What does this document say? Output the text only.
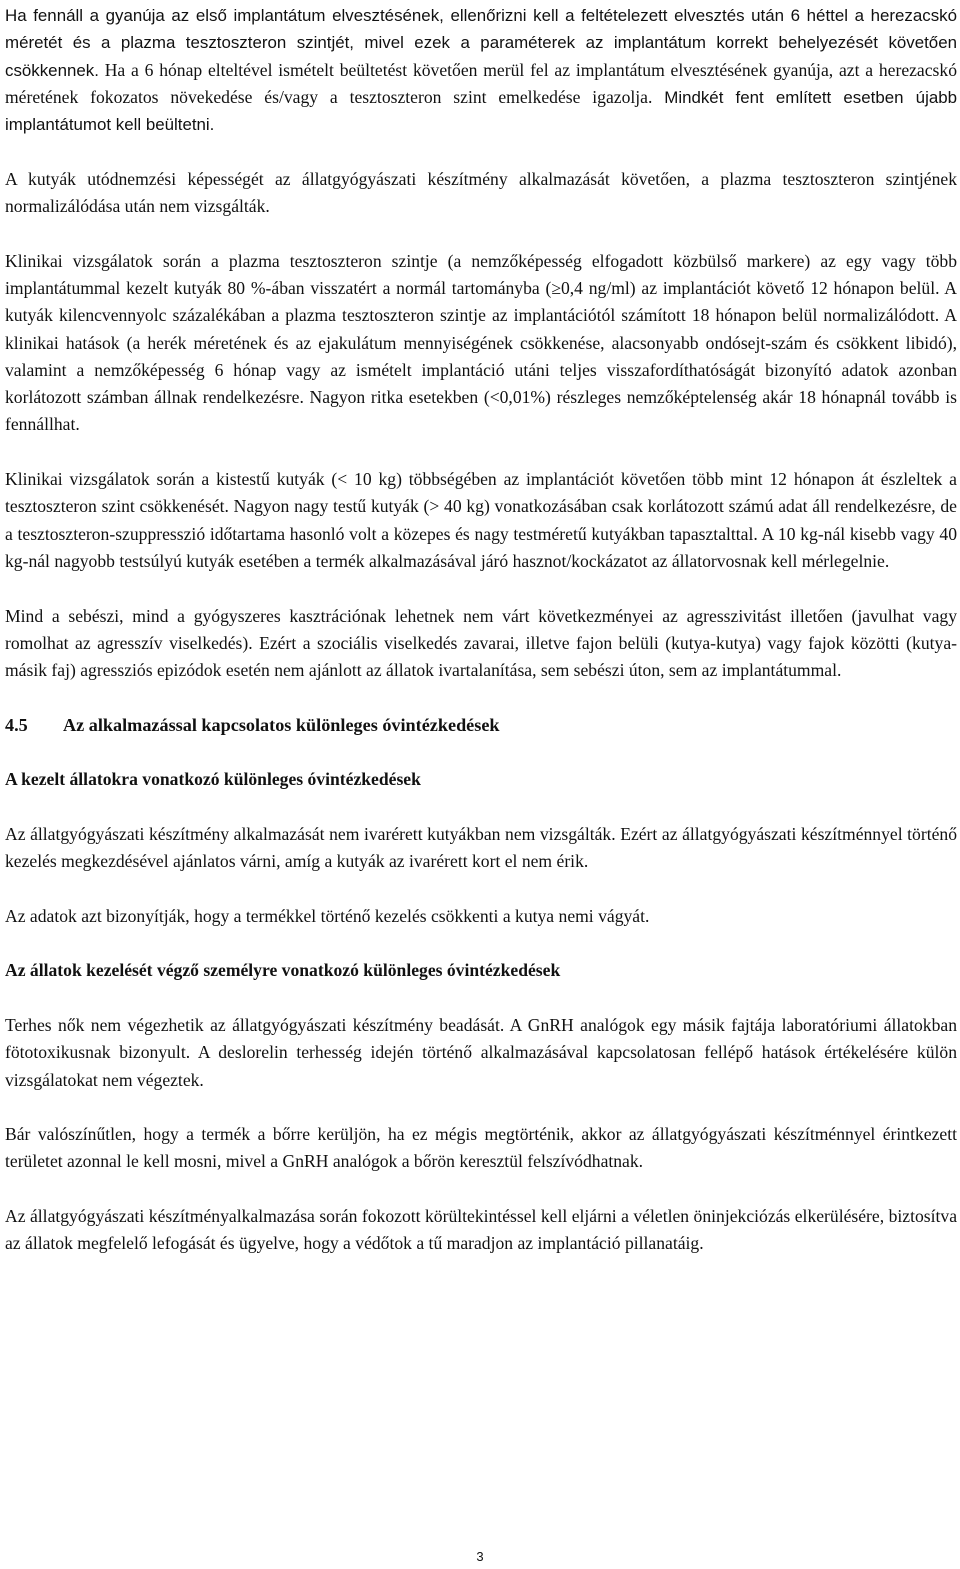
Ha fennáll a gyanúja az első implantátum elvesztésének, ellenőrizni kell a feltételezett elvesztés után 6 héttel a herezacskó méretét és a plazma tesztoszteron szintjét, mivel ezek a paraméterek az implantátum korrekt behelyezését követően csökkennek. Ha a 6 hónap elteltével ismételt beültetést követően merül fel az implantátum elvesztésének gyanúja, azt a herezacskó méretének fokozatos növekedése és/vagy a tesztoszteron szint emelkedése igazolja. Mindkét fent említett esetben újabb implantátumot kell beültetni.

A kutyák utódnemzési képességét az állatgyógyászati készítmény alkalmazását követően, a plazma tesztoszteron szintjének normalizálódása után nem vizsgálták.

Klinikai vizsgálatok során a plazma tesztoszteron szintje (a nemzőképesség elfogadott közbülső markere) az egy vagy több implantátummal kezelt kutyák 80 %-ában visszatért a normál tartományba (≥0,4 ng/ml) az implantációt követő 12 hónapon belül. A kutyák kilencvennyolc százalékában a plazma tesztoszteron szintje az implantációtól számított 18 hónapon belül normalizálódott. A klinikai hatások (a herék méretének és az ejakulátum mennyiségének csökkenése, alacsonyabb ondósejt-szám és csökkent libidó), valamint a nemzőképesség 6 hónap vagy az ismételt implantáció utáni teljes visszafordíthatóságát bizonyító adatok azonban korlátozott számban állnak rendelkezésre. Nagyon ritka esetekben (<0,01%) részleges nemzőképtelenség akár 18 hónapnál tovább is fennállhat.

Klinikai vizsgálatok során a kistestű kutyák (< 10 kg) többségében az implantációt követően több mint 12 hónapon át észleltek a tesztoszteron szint csökkenését. Nagyon nagy testű kutyák (> 40 kg) vonatkozásában csak korlátozott számú adat áll rendelkezésre, de a tesztoszteron-szuppresszió időtartama hasonló volt a közepes és nagy testméretű kutyákban tapasztalttal. A 10 kg-nál kisebb vagy 40 kg-nál nagyobb testsúlyú kutyák esetében a termék alkalmazásával járó hasznot/kockázatot az állatorvosnak kell mérlegelnie.

Mind a sebészi, mind a gyógyszeres kasztrációnak lehetnek nem várt következményei az agresszivitást illetően (javulhat vagy romolhat az agresszív viselkedés). Ezért a szociális viselkedés zavarai, illetve fajon belüli (kutya-kutya) vagy fajok közötti (kutya-másik faj) agressziós epizódok esetén nem ajánlott az állatok ivartalanítása, sem sebészi úton, sem az implantátummal.

4.5 Az alkalmazással kapcsolatos különleges óvintézkedések
A kezelt állatokra vonatkozó különleges óvintézkedések

Az állatgyógyászati készítmény alkalmazását nem ivarérett kutyákban nem vizsgálták. Ezért az állatgyógyászati készítménnyel történő kezelés megkezdésével ajánlatos várni, amíg a kutyák az ivarérett kort el nem érik.

Az adatok azt bizonyítják, hogy a termékkel történő kezelés csökkenti a kutya nemi vágyát.

Az állatok kezelését végző személyre vonatkozó különleges óvintézkedések

Terhes nők nem végezhetik az állatgyógyászati készítmény beadását. A GnRH analógok egy másik fajtája laboratóriumi állatokban fötotoxikusnak bizonyult. A deslorelin terhesség idején történő alkalmazásával kapcsolatosan fellépő hatások értékelésére külön vizsgálatokat nem végeztek.

Bár valószínűtlen, hogy a termék a bőrre kerüljön, ha ez mégis megtörténik, akkor az állatgyógyászati készítménnyel érintkezett területet azonnal le kell mosni, mivel a GnRH analógok a bőrön keresztül felszívódhatnak.

Az állatgyógyászati készítményalkalmazása során fokozott körültekintéssel kell eljárni a véletlen öninjekciózás elkerülésére, biztosítva az állatok megfelelő lefogását és ügyelve, hogy a védőtok a tű maradjon az implantáció pillanatáig.

3
